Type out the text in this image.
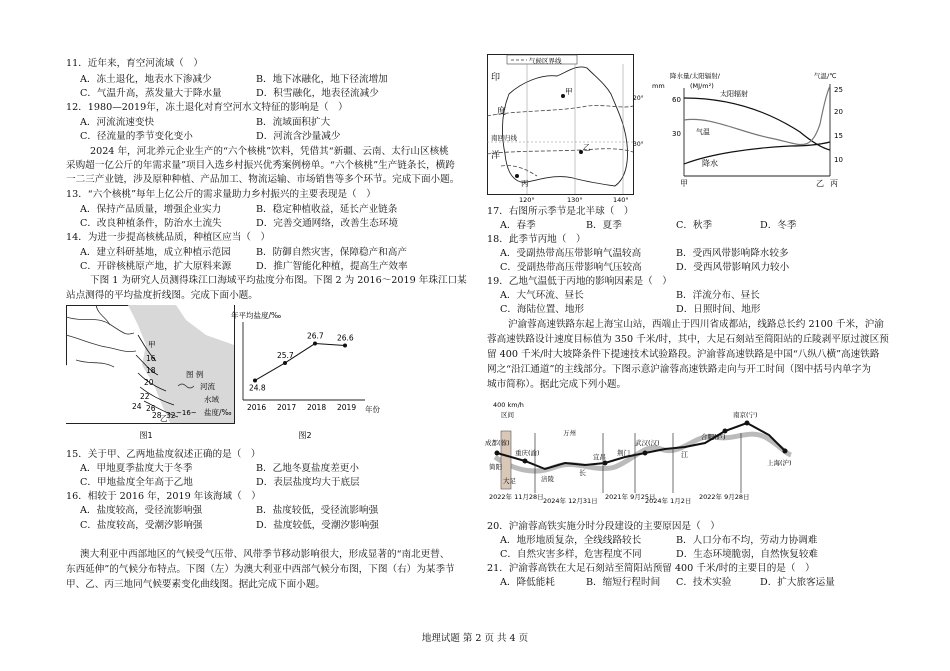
11．近年来，育空河流域（　）
A．冻土退化，地表水下渗减少	B．地下冰融化，地下径流增加
C．气温升高，蒸发量大于降水量	D．积雪融化，地表径流减少
12．1980—2019年，冻土退化对育空河水文特征的影响是（　）
A．河流流速变快	B．流域面积扩大
C．径流量的季节变化变小	D．河流含沙量减少
2024 年，河北养元企业生产的“六个核桃”饮料，凭借其“新疆、云南、太行山区核桃
采购超一亿公斤的年需求量”项目入选乡村振兴优秀案例榜单。“六个核桃”生产链条长，横跨
一二三产业链，涉及原种种植、产品加工、物流运输、市场销售等多个环节。完成下面小题。
13．“六个核桃”每年上亿公斤的需求量助力乡村振兴的主要表现是（　）
A．保持产品质量，增强企业实力	B．稳定种植收益，延长产业链条
C．改良种植条件，防治水土流失	D．完善交通网络，改善生态环境
14．为进一步提高核桃品质，种植区应当（　）
A．建立科研基地，成立种植示范园	B．防御自然灾害，保障稳产和高产
C．开辟核桃原产地，扩大原料来源	D．推广智能化种植，提高生产效率
下图 1 为研究人员测得珠江口海域平均盐度分布图。下图 2 为 2016～2019 年珠江口某
站点测得的平均盐度折线图。完成下面小题。
甲
16
18
20
22
24 26
28 32
乙
图 例
河流
水域
~16~ 盐度/‰
图1
年平均盐度/‰
年份
24.8
2016
25.7
2017
26.7
2018
26.6
2019
图2
15．关于甲、乙两地盐度叙述正确的是（　）
A．甲地夏季盐度大于冬季	B．乙地冬夏盐度差更小
C．甲地盐度全年高于乙地	D．表层盐度均大于底层
16．相较于 2016 年，2019 年该海域（　）
A．盐度较高，受径流影响强	B．盐度较低，受径流影响强
C．盐度较高，受潮汐影响强	D．盐度较低，受潮汐影响强
澳大利亚中西部地区的气候受气压带、风带季节移动影响很大，形成显著的“南北更替、
东西延伸”的气候分布特点。下图（左）为澳大利亚中西部气候分布图，下图（右）为某季节
甲、乙、丙三地同气候要素变化曲线图。据此完成下面小题。
气候区界线
印
度
洋
甲
乙
丙
南回归线
20°
30°
120°	130°	140°
降水量/太阳辐射/
mm	(MJ/m²)
气温/℃
60
30
25
20
15
10
太阳辐射
气温
降水
甲	乙 丙
17．右图所示季节是北半球（　）
A．春季	B．夏季	C．秋季	D．冬季
18．此季节丙地（　）
A．受副热带高压带影响气温较高	B．受西风带影响降水较多
C．受副热带高压带影响气压较高	D．受西风带影响风力较小
19．乙地气温低于丙地的影响因素是（　）
A．大气环流、昼长	B．洋流分布、昼长
C．海陆位置、地形	D．日照时间、地形
沪渝蓉高速铁路东起上海宝山站，西端止于四川省成都站，线路总长约 2100 千米，沪渝
蓉高速铁路设计速度目标值为 350 千米/时，其中，大足石刻站至简阳站的丘陵剥平原过渡区预
留 400 千米/时大坡降条件下提速技术试验路段。沪渝蓉高速铁路是中国“八纵八横”高速铁路
网之“沿江通道”的主线部分。下图示意沪渝蓉高速铁路走向与开工时间（图中括号内单字为
城市简称）。据此完成下列小题。
400 km/h
区间
成都(蓉)
简阳
重庆(渝)
大足
万州
宜昌 荆门
武汉(汉)
合肥(庐)
南京(宁)
上海(沪)
涪陵
长
江
2022年 11月28日 2024年 12月31日 2021年 9月25日
2024年 1月2日 2022年 9月28日
20．沪渝蓉高铁实施分时分段建设的主要原因是（　）
A．地形地质复杂，全线线路较长	B．人口分布不均，劳动力协调难
C．自然灾害多样，危害程度不同	D．生态环境脆弱，自然恢复较难
21．沪渝蓉高铁在大足石刻站至简阳站预留 400 千米/时的主要目的是（　）
A．降低能耗	B．缩短行程时间 C．技术实验	D．扩大旅客运量
地理试题 第 2 页 共 4 页
